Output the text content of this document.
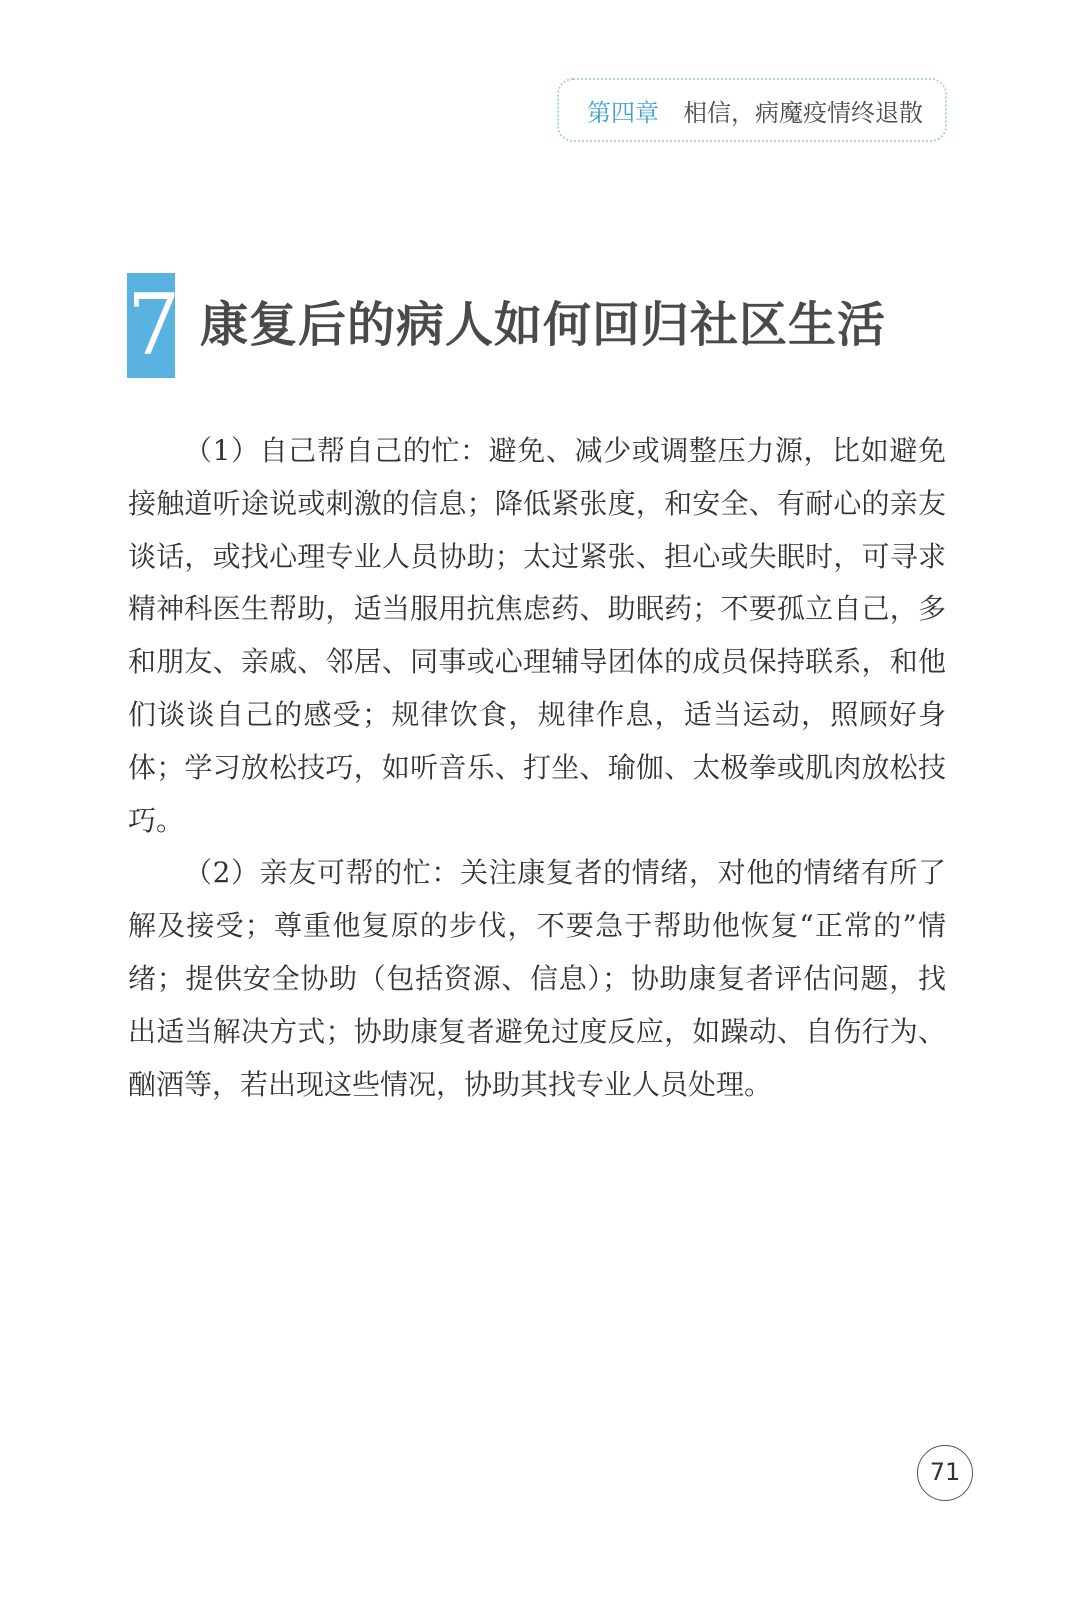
第四章 相信，病魔疫情终退散
7 康复后的病人如何回归社区生活

（1）自己帮自己的忙：避免、减少或调整压力源，比如避免接触道听途说或刺激的信息；降低紧张度，和安全、有耐心的亲友谈话，或找心理专业人员协助；太过紧张、担心或失眠时，可寻求精神科医生帮助，适当服用抗焦虑药、助眠药；不要孤立自己，多和朋友、亲戚、邻居、同事或心理辅导团体的成员保持联系，和他们谈谈自己的感受；规律饮食，规律作息，适当运动，照顾好身体；学习放松技巧，如听音乐、打坐、瑜伽、太极拳或肌肉放松技巧。

（2）亲友可帮的忙：关注康复者的情绪，对他的情绪有所了解及接受；尊重他复原的步伐，不要急于帮助他恢复“正常的”情绪；提供安全协助（包括资源、信息）；协助康复者评估问题，找出适当解决方式；协助康复者避免过度反应，如躁动、自伤行为、酗酒等，若出现这些情况，协助其找专业人员处理。

71
